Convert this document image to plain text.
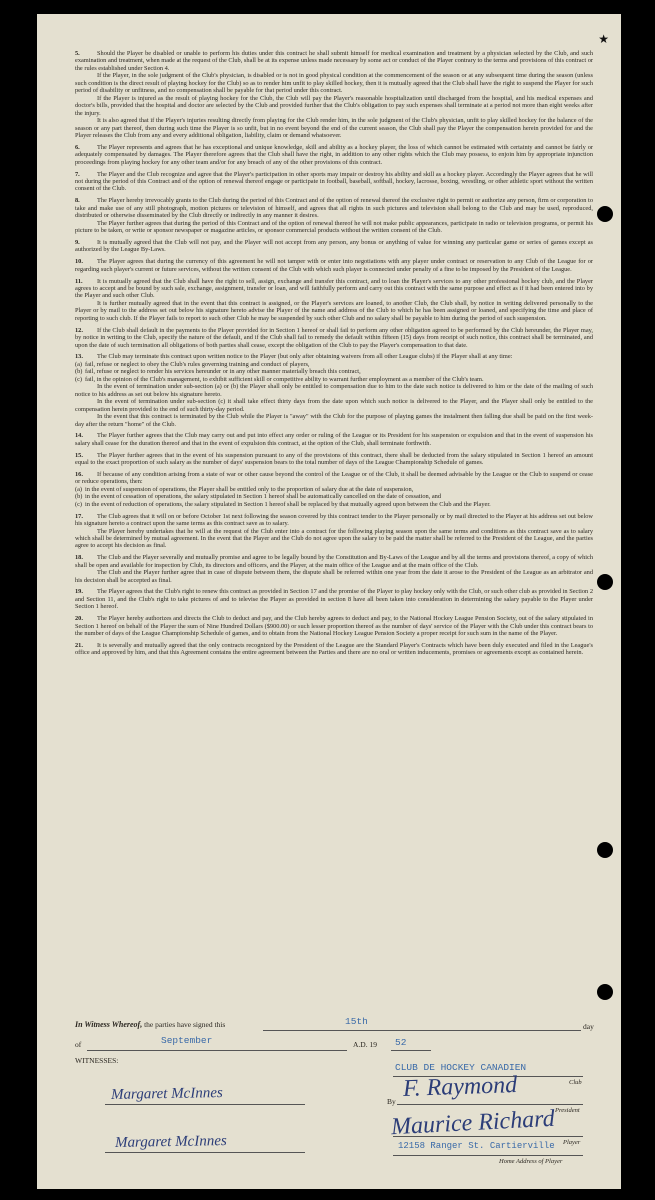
★

5.	Should the Player be disabled or unable to perform his duties under this contract he shall submit himself for medical examination and treatment by a physician selected by the Club, and such examination and treatment, when made at the request of the Club, shall be at its expense unless made necessary by some act or conduct of the Player contrary to the terms and provisions of this contract or the rules established under Section 4.

If the Player, in the sole judgment of the Club's physician, is disabled or is not in good physical condition at the commencement of the season or at any subsequent time during the season (unless such condition is the direct result of playing hockey for the Club) so as to render him unfit to play skilled hockey, then it is mutually agreed that the Club shall have the right to suspend the Player for such period of disability or unfitness, and no compensation shall be payable for that period under this contract.

If the Player is injured as the result of playing hockey for the Club, the Club will pay the Player's reasonable hospitalization until discharged from the hospital, and his medical expenses and doctor's bills, provided that the hospital and doctor are selected by the Club and provided further that the Club's obligation to pay such expenses shall terminate at a period not more than eight weeks after the injury.

It is also agreed that if the Player's injuries resulting directly from playing for the Club render him, in the sole judgment of the Club's physician, unfit to play skilled hockey for the balance of the season or any part thereof, then during such time the Player is so unfit, but in no event beyond the end of the current season, the Club shall pay the Player the compensation herein provided for and the Player releases the Club from any and every additional obligation, liability, claim or demand whatsoever.

6.	The Player represents and agrees that he has exceptional and unique knowledge, skill and ability as a hockey player, the loss of which cannot be estimated with certainty and cannot be fairly or adequately compensated by damages. The Player therefore agrees that the Club shall have the right, in addition to any other rights which the Club may possess, to enjoin him by appropriate injunction proceedings from playing hockey for any other team and/or for any breach of any of the other provisions of this contract.

7.	The Player and the Club recognize and agree that the Player's participation in other sports may impair or destroy his ability and skill as a hockey player. Accordingly the Player agrees that he will not during the period of this Contract and of the option of renewal thereof engage or participate in football, baseball, softball, hockey, lacrosse, boxing, wrestling, or other athletic sport without the written consent of the Club.

8.	The Player hereby irrevocably grants to the Club during the period of this Contract and of the option of renewal thereof the exclusive right to permit or authorize any person, firm or corporation to take and make use of any still photograph, motion pictures or television of himself, and agrees that all rights in such pictures and television shall belong to the Club and may be used, reproduced, distributed or otherwise disseminated by the Club directly or indirectly in any manner it desires.

The Player further agrees that during the period of this Contract and of the option of renewal thereof he will not make public appearances, participate in radio or television programs, or permit his picture to be taken, or write or sponsor newspaper or magazine articles, or sponsor commercial products without the written consent of the Club.

9.	It is mutually agreed that the Club will not pay, and the Player will not accept from any person, any bonus or anything of value for winning any particular game or series of games except as authorized by the League By-Laws.

10. The Player agrees that during the currency of this agreement he will not tamper with or enter into negotiations with any player under contract or reservation to any Club of the League for or regarding such player's current or future services, without the written consent of the Club with which such player is connected under penalty of a fine to be imposed by the President of the League.

11. It is mutually agreed that the Club shall have the right to sell, assign, exchange and transfer this contract, and to loan the Player's services to any other professional hockey club, and the Player agrees to accept and be bound by such sale, exchange, assignment, transfer or loan, and will faithfully perform and carry out this contract with the same purpose and effect as if it had been entered into by the Player and such other Club.

It is further mutually agreed that in the event that this contract is assigned, or the Player's services are loaned, to another Club, the Club shall, by notice in writing delivered personally to the Player or by mail to the address set out below his signature hereto advise the Player of the name and address of the Club to which he has been assigned or loaned, and specifying the time and place of reporting to such club. If the Player fails to report to such other Club he may be suspended by such other Club and no salary shall be payable to him during the period of such suspension.

12. If the Club shall default in the payments to the Player provided for in Section 1 hereof or shall fail to perform any other obligation agreed to be performed by the Club hereunder, the Player may, by notice in writing to the Club, specify the nature of the default, and if the Club shall fail to remedy the default within fifteen (15) days from receipt of such notice, this contract shall be terminated, and upon the date of such termination all obligations of both parties shall cease, except the obligation of the Club to pay the Player's compensation to that date.

13. The Club may terminate this contract upon written notice to the Player (but only after obtaining waivers from all other League clubs) if the Player shall at any time:

(a) fail, refuse or neglect to obey the Club's rules governing training and conduct of players,

(b) fail, refuse or neglect to render his services hereunder or in any other manner materially breach this contract,

(c) fail, in the opinion of the Club's management, to exhibit sufficient skill or competitive ability to warrant further employment as a member of the Club's team.

In the event of termination under sub-section (a) or (b) the Player shall only be entitled to compensation due to him to the date such notice is delivered to him or the date of the mailing of such notice to his address as set out below his signature hereto.

In the event of termination under sub-section (c) it shall take effect thirty days from the date upon which such notice is delivered to the Player, and the Player shall only be entitled to the compensation herein provided to the end of such thirty-day period.

In the event that this contract is terminated by the Club while the Player is "away" with the Club for the purpose of playing games the instalment then falling due shall be paid on the first week-day after the return "home" of the Club.

14. The Player further agrees that the Club may carry out and put into effect any order or ruling of the League or its President for his suspension or expulsion and that in the event of suspension his salary shall cease for the duration thereof and that in the event of expulsion this contract, at the option of the Club, shall terminate forthwith.

15. The Player further agrees that in the event of his suspension pursuant to any of the provisions of this contract, there shall be deducted from the salary stipulated in Section 1 hereof an amount equal to the exact proportion of such salary as the number of days' suspension bears to the total number of days of the League Championship Schedule of games.

16. If because of any condition arising from a state of war or other cause beyond the control of the League or of the Club, it shall be deemed advisable by the League or the Club to suspend or cease or reduce operations, then:

(a) in the event of suspension of operations, the Player shall be entitled only to the proportion of salary due at the date of suspension,

(b) in the event of cessation of operations, the salary stipulated in Section 1 hereof shall be automatically cancelled on the date of cessation, and

(c) in the event of reduction of operations, the salary stipulated in Section 1 hereof shall be replaced by that mutually agreed upon between the Club and the Player.

17. The Club agrees that it will on or before October 1st next following the season covered by this contract tender to the Player personally or by mail directed to the Player at his address set out below his signature hereto a contract upon the same terms as this contract save as to salary.

The Player hereby undertakes that he will at the request of the Club enter into a contract for the following playing season upon the same terms and conditions as this contract save as to salary which shall be determined by mutual agreement. In the event that the Player and the Club do not agree upon the salary to be paid the matter shall be referred to the President of the League, and the parties agree to accept his decision as final.

18. The Club and the Player severally and mutually promise and agree to be legally bound by the Constitution and By-Laws of the League and by all the terms and provisions thereof, a copy of which shall be open and available for inspection by Club, its directors and officers, and the Player, at the main office of the League and at the main office of the Club.

The Club and the Player further agree that in case of dispute between them, the dispute shall be referred within one year from the date it arose to the President of the League as an arbitrator and his decision shall be accepted as final.

19. The Player agrees that the Club's right to renew this contract as provided in Section 17 and the promise of the Player to play hockey only with the Club, or such other club as provided in Section 2 and Section 11, and the Club's right to take pictures of and to televise the Player as provided in section 8 have all been taken into consideration in determining the salary payable to the Player under Section 1 hereof.

20. The Player hereby authorizes and directs the Club to deduct and pay, and the Club hereby agrees to deduct and pay, to the National Hockey League Pension Society, out of the salary stipulated in Section 1 hereof on behalf of the Player the sum of Nine Hundred Dollars ($900.00) or such lesser proportion thereof as the number of days' service of the Player with the Club under this contract bears to the number of days of the League Championship Schedule of games, and to obtain from the National Hockey League Pension Society a proper receipt for such sum in the name of the Player.

21. It is severally and mutually agreed that the only contracts recognized by the President of the League are the Standard Player's Contracts which have been duly executed and filed in the League's office and approved by him, and that this Agreement contains the entire agreement between the Parties and there are no oral or written inducements, promises or agreements except as contained herein.

In Witness Whereof, the parties have signed this	15th	day
of	September	A.D. 19 52
WITNESSES:
CLUB DE HOCKEY CANADIEN
Club
Margaret McInnes	By F. Raymond
President
Maurice Richard
Player
Margaret McInnes	12158 Ranger St. Cartierville
Home Address of Player
